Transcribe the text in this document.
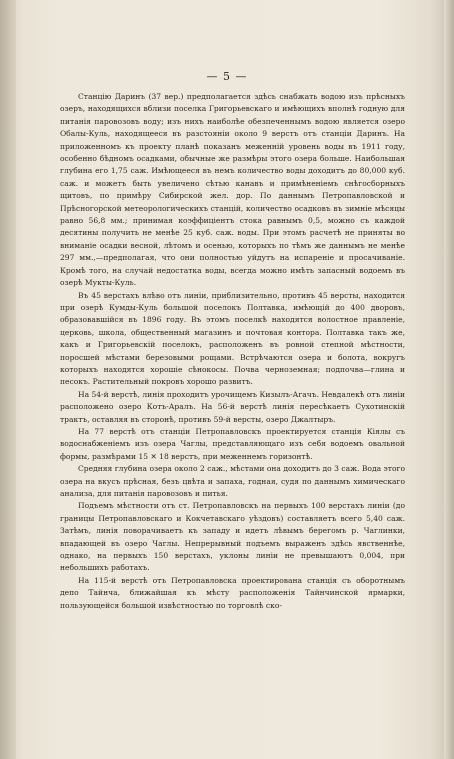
— 5 —

Станцію Даринъ (37 вер.) предполагается здѣсь снабжать водою изъ прѣсныхъ озеръ, находящихся вблизи поселка Григорьевскаго и имѣющихъ вполнѣ годную для питанія паровозовъ воду; изъ нихъ наиболѣе обезпеченнымъ водою является озеро Обалы-Куль, находящееся въ разстояніи около 9 верстъ отъ станціи Даринъ. На приложенномъ къ проекту планѣ показанъ меженній уровень воды въ 1911 году, особенно бѣдномъ осадками, обычные же размѣры этого озера больше. Наибольшая глубина его 1,75 саж. Имѣющееся въ немъ количество воды доходитъ до 80,000 куб. саж. и можетъ быть увеличено сѣтью канавъ и примѣненіемъ снѣгосборныхъ щитовъ, по примѣру Сибирской жел. дор. По даннымъ Петропавловской и Прѣсногорской метеорологическихъ станцій, количество осадковъ въ зимніе мѣсяцы равно 56,8 мм.; принимая коэффиціентъ стока равнымъ 0,5, можно съ каждой десятины получить не менѣе 25 куб. саж. воды. При этомъ расчетѣ не приняты во вниманіе осадки весной, лѣтомъ и осенью, которыхъ по тѣмъ же даннымъ не менѣе 297 мм.,—предполагая, что они полностью уйдутъ на испареніе и просачиваніе. Кромѣ того, на случай недостатка воды, всегда можно имѣть запасный водоемъ въ озерѣ Мукты-Куль.

Въ 45 верстахъ влѣво отъ линіи, приблизительно, противъ 45 версты, находится при озерѣ Кумды-Куль большой поселокъ Полтавка, имѣющій до 400 дворовъ, образовавшійся въ 1896 году. Въ этомъ поселкѣ находятся волостное правленіе, церковь, школа, общественный магазинъ и почтовая контора. Полтавка такъ же, какъ и Григорьевскій поселокъ, расположенъ въ ровной степной мѣстности, поросшей мѣстами березовыми рощами. Встрѣчаются озера и болота, вокругъ которыхъ находятся хорошіе сѣнокосы. Почва черноземная; подпочва—глина и песокъ. Растительный покровъ хорошо развитъ.

На 54-й верстѣ, линія проходитъ урочищемъ Кизылъ-Агачъ. Невдалекѣ отъ линіи расположено озеро Котъ-Аралъ. На 56-й верстѣ линія пересѣкаетъ Сухотинскій трактъ, оставляя въ сторонѣ, противъ 59-й версты, озеро Джалтыръ.

На 77 верстѣ отъ станціи Петропавловскъ проектируется станція Кіялы съ водоснабженіемъ изъ озера Чаглы, представляющаго изъ себя водоемъ овальной формы, размѣрами 15 ✕ 18 верстъ, при меженнемъ горизонтѣ.

Средняя глубина озера около 2 саж., мѣстами она доходитъ до 3 саж. Вода этого озера на вкусъ прѣсная, безъ цвѣта и запаха, годная, судя по даннымъ химическаго анализа, для питанія паровозовъ и питья.

Подъемъ мѣстности отъ ст. Петропавловскъ на первыхъ 100 верстахъ линіи (до границы Петропавловскаго и Кокчетавскаго уѣздовъ) составляетъ всего 5,40 саж. Затѣмъ, линія поворачиваетъ къ западу и идетъ лѣвымъ берегомъ р. Чаглинки, впадающей въ озеро Чаглы. Непрерывный подъемъ выраженъ здѣсь явственнѣе, однако, на первыхъ 150 верстахъ, уклоны линіи не превышаютъ 0,004, при небольшихъ работахъ.

На 115-й верстѣ отъ Петропавловска проектирована станція съ оборотнымъ депо Тайнча, ближайшая къ мѣсту расположенія Тайнчинской ярмарки, пользующейся большой извѣстностью по торговлѣ ско-
